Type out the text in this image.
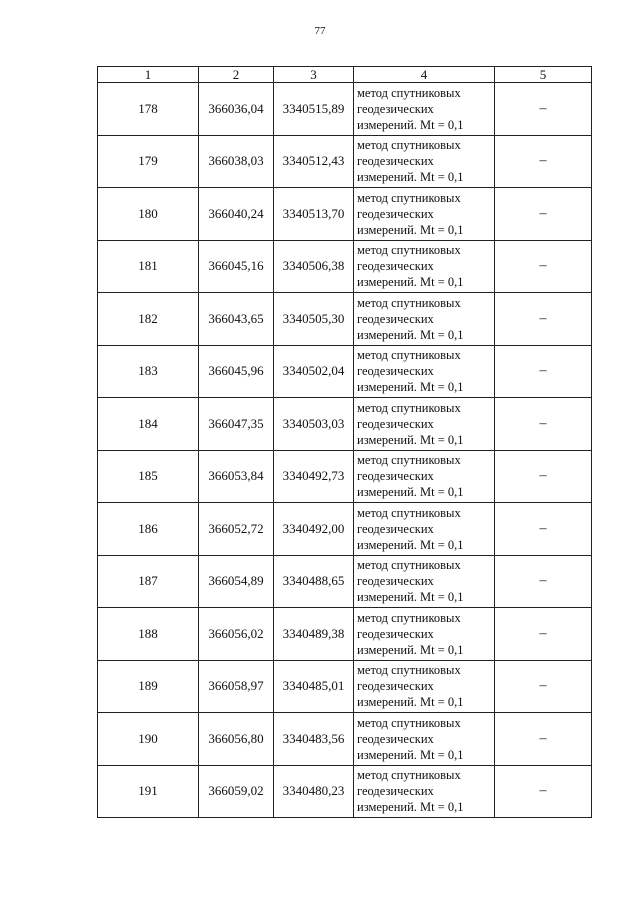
77
1	2	3	4	5
178	366036,04	3340515,89	метод спутниковых геодезических измерений. Mt = 0,1	–
179	366038,03	3340512,43	метод спутниковых геодезических измерений. Mt = 0,1	–
180	366040,24	3340513,70	метод спутниковых геодезических измерений. Mt = 0,1	–
181	366045,16	3340506,38	метод спутниковых геодезических измерений. Mt = 0,1	–
182	366043,65	3340505,30	метод спутниковых геодезических измерений. Mt = 0,1	–
183	366045,96	3340502,04	метод спутниковых геодезических измерений. Mt = 0,1	–
184	366047,35	3340503,03	метод спутниковых геодезических измерений. Mt = 0,1	–
185	366053,84	3340492,73	метод спутниковых геодезических измерений. Mt = 0,1	–
186	366052,72	3340492,00	метод спутниковых геодезических измерений. Mt = 0,1	–
187	366054,89	3340488,65	метод спутниковых геодезических измерений. Mt = 0,1	–
188	366056,02	3340489,38	метод спутниковых геодезических измерений. Mt = 0,1	–
189	366058,97	3340485,01	метод спутниковых геодезических измерений. Mt = 0,1	–
190	366056,80	3340483,56	метод спутниковых геодезических измерений. Mt = 0,1	–
191	366059,02	3340480,23	метод спутниковых геодезических измерений. Mt = 0,1	–
